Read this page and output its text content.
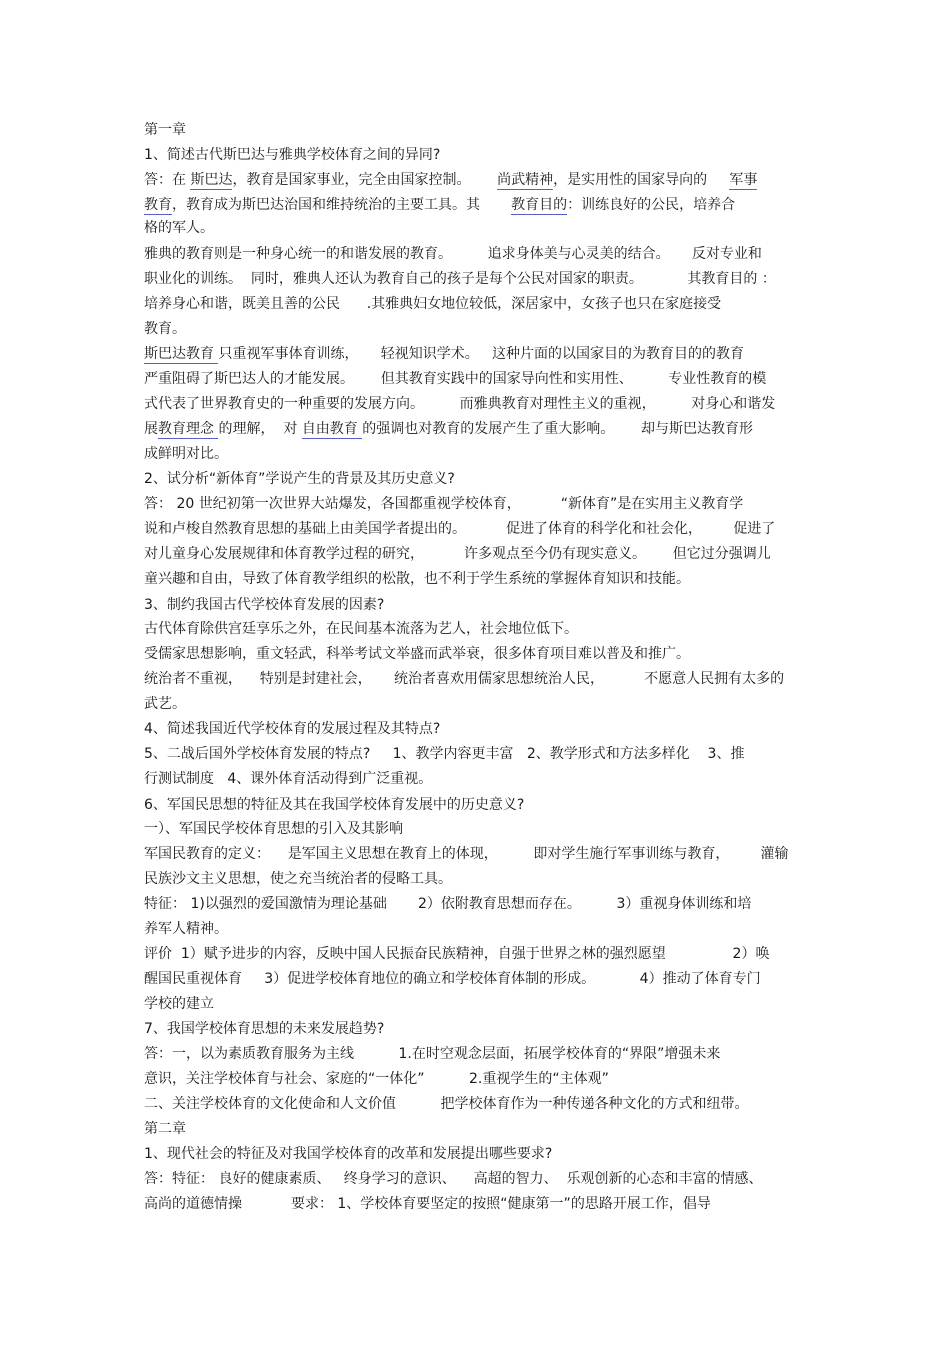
第一章
1、简述古代斯巴达与雅典学校体育之间的异同?
答：在 斯巴达，教育是国家事业，完全由国家控制。      尚武精神，是实用性的国家导向的     军事
教育，教育成为斯巴达治国和维持统治的主要工具。其       教育目的：训练良好的公民，培养合
格的军人。
雅典的教育则是一种身心统一的和谐发展的教育。        追求身体美与心灵美的结合。     反对专业和
职业化的训练。  同时，雅典人还认为教育自己的孩子是每个公民对国家的职责。          其教育目的 ：
培养身心和谐，既美且善的公民      .其雅典妇女地位较低，深居家中，女孩子也只在家庭接受
教育。
斯巴达教育 只重视军事体育训练，     轻视知识学术。   这种片面的以国家目的为教育目的的教育
严重阻碍了斯巴达人的才能发展。      但其教育实践中的国家导向性和实用性、        专业性教育的模
式代表了世界教育史的一种重要的发展方向。        而雅典教育对理性主义的重视，        对身心和谐发
展教育理念 的理解，  对 自由教育 的强调也对教育的发展产生了重大影响。      却与斯巴达教育形
成鲜明对比。
2、试分析“新体育”学说产生的背景及其历史意义?
答： 20 世纪初第一次世界大站爆发，各国都重视学校体育，         “新体育”是在实用主义教育学
说和卢梭自然教育思想的基础上由美国学者提出的。         促进了体育的科学化和社会化，       促进了
对儿童身心发展规律和体育教学过程的研究，         许多观点至今仍有现实意义。      但它过分强调儿
童兴趣和自由，导致了体育教学组织的松散，也不利于学生系统的掌握体育知识和技能。
3、制约我国古代学校体育发展的因素?
古代体育除供宫廷享乐之外，在民间基本流落为艺人，社会地位低下。
受儒家思想影响，重文轻武，科举考试文举盛而武举衰，很多体育项目难以普及和推广。
统治者不重视，    特别是封建社会，     统治者喜欢用儒家思想统治人民，         不愿意人民拥有太多的
武艺。
4、简述我国近代学校体育的发展过程及其特点?
5、二战后国外学校体育发展的特点?     1、教学内容更丰富   2、教学形式和方法多样化    3、推
行测试制度   4、课外体育活动得到广泛重视。
6、军国民思想的特征及其在我国学校体育发展中的历史意义?
一）、军国民学校体育思想的引入及其影响
军国民教育的定义：    是军国主义思想在教育上的体现，        即对学生施行军事训练与教育，       灌输
民族沙文主义思想，使之充当统治者的侵略工具。
特征： 1)以强烈的爱国激情为理论基础       2）依附教育思想而存在。        3）重视身体训练和培
养军人精神。
评价  1）赋予进步的内容，反映中国人民振奋民族精神，自强于世界之林的强烈愿望               2）唤
醒国民重视体育     3）促进学校体育地位的确立和学校体育体制的形成。          4）推动了体育专门
学校的建立
7、我国学校体育思想的未来发展趋势?
答：一，以为素质教育服务为主线          1.在时空观念层面，拓展学校体育的“界限”增强未来
意识，关注学校体育与社会、家庭的“一体化”          2.重视学生的“主体观”
二、关注学校体育的文化使命和人文价值          把学校体育作为一种传递各种文化的方式和纽带。
第二章
1、现代社会的特征及对我国学校体育的改革和发展提出哪些要求?
答：特征： 良好的健康素质、   终身学习的意识、    高超的智力、  乐观创新的心态和丰富的情感、
高尚的道德情操           要求： 1、学校体育要坚定的按照“健康第一”的思路开展工作，倡导
